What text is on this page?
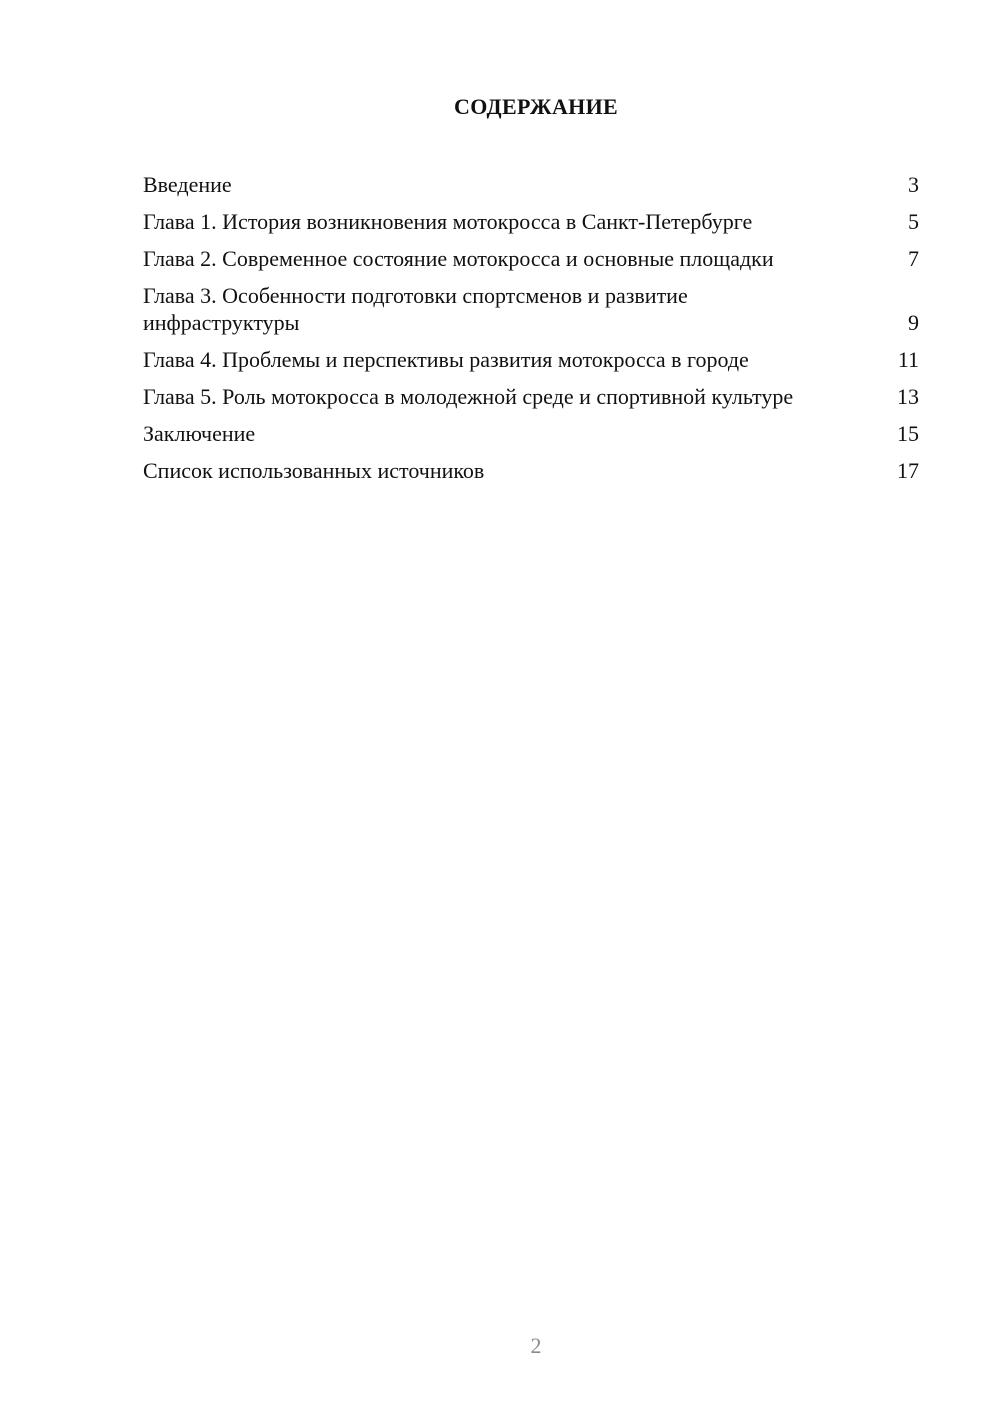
СОДЕРЖАНИЕ
Введение	3
Глава 1. История возникновения мотокросса в Санкт-Петербурге	5
Глава 2. Современное состояние мотокросса и основные площадки	7
Глава 3. Особенности подготовки спортсменов и развитие инфраструктуры	9
Глава 4. Проблемы и перспективы развития мотокросса в городе	11
Глава 5. Роль мотокросса в молодежной среде и спортивной культуре	13
Заключение	15
Список использованных источников	17
2
